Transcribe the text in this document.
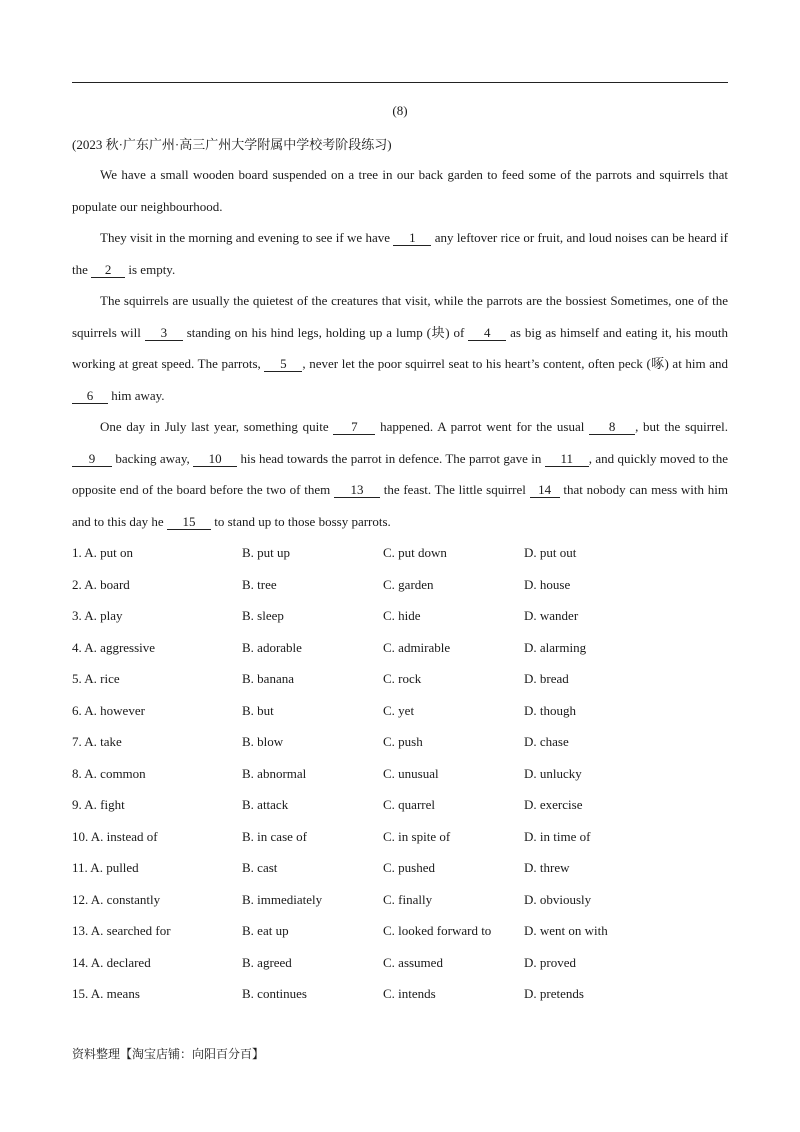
(8)
(2023 秋·广东广州·高三广州大学附属中学校考阶段练习)

We have a small wooden board suspended on a tree in our back garden to feed some of the parrots and squirrels that populate our neighbourhood.

They visit in the morning and evening to see if we have 1 any leftover rice or fruit, and loud noises can be heard if the 2 is empty.

The squirrels are usually the quietest of the creatures that visit, while the parrots are the bossiest Sometimes, one of the squirrels will 3 standing on his hind legs, holding up a lump (块) of 4 as big as himself and eating it, his mouth working at great speed. The parrots, 5 , never let the poor squirrel seat to his heart’s content, often peck (啄) at him and 6 him away.

One day in July last year, something quite 7 happened. A parrot went for the usual 8 , but the squirrel. 9 backing away, 10 his head towards the parrot in defence. The parrot gave in 11 , and quickly moved to the opposite end of the board before the two of them 13 the feast. The little squirrel 14 that nobody can mess with him and to this day he 15 to stand up to those bossy parrots.

1. A. put on	B. put up	C. put down	D. put out
2. A. board	B. tree	C. garden	D. house
3. A. play	B. sleep	C. hide	D. wander
4. A. aggressive	B. adorable	C. admirable	D. alarming
5. A. rice	B. banana	C. rock	D. bread
6. A. however	B. but	C. yet	D. though
7. A. take	B. blow	C. push	D. chase
8. A. common	B. abnormal	C. unusual	D. unlucky
9. A. fight	B. attack	C. quarrel	D. exercise
10. A. instead of	B. in case of	C. in spite of	D. in time of
11. A. pulled	B. cast	C. pushed	D. threw
12. A. constantly	B. immediately	C. finally	D. obviously
13. A. searched for	B. eat up	C. looked forward to	D. went on with
14. A. declared	B. agreed	C. assumed	D. proved
15. A. means	B. continues	C. intends	D. pretends
资料整理【淘宝店铺：向阳百分百】
